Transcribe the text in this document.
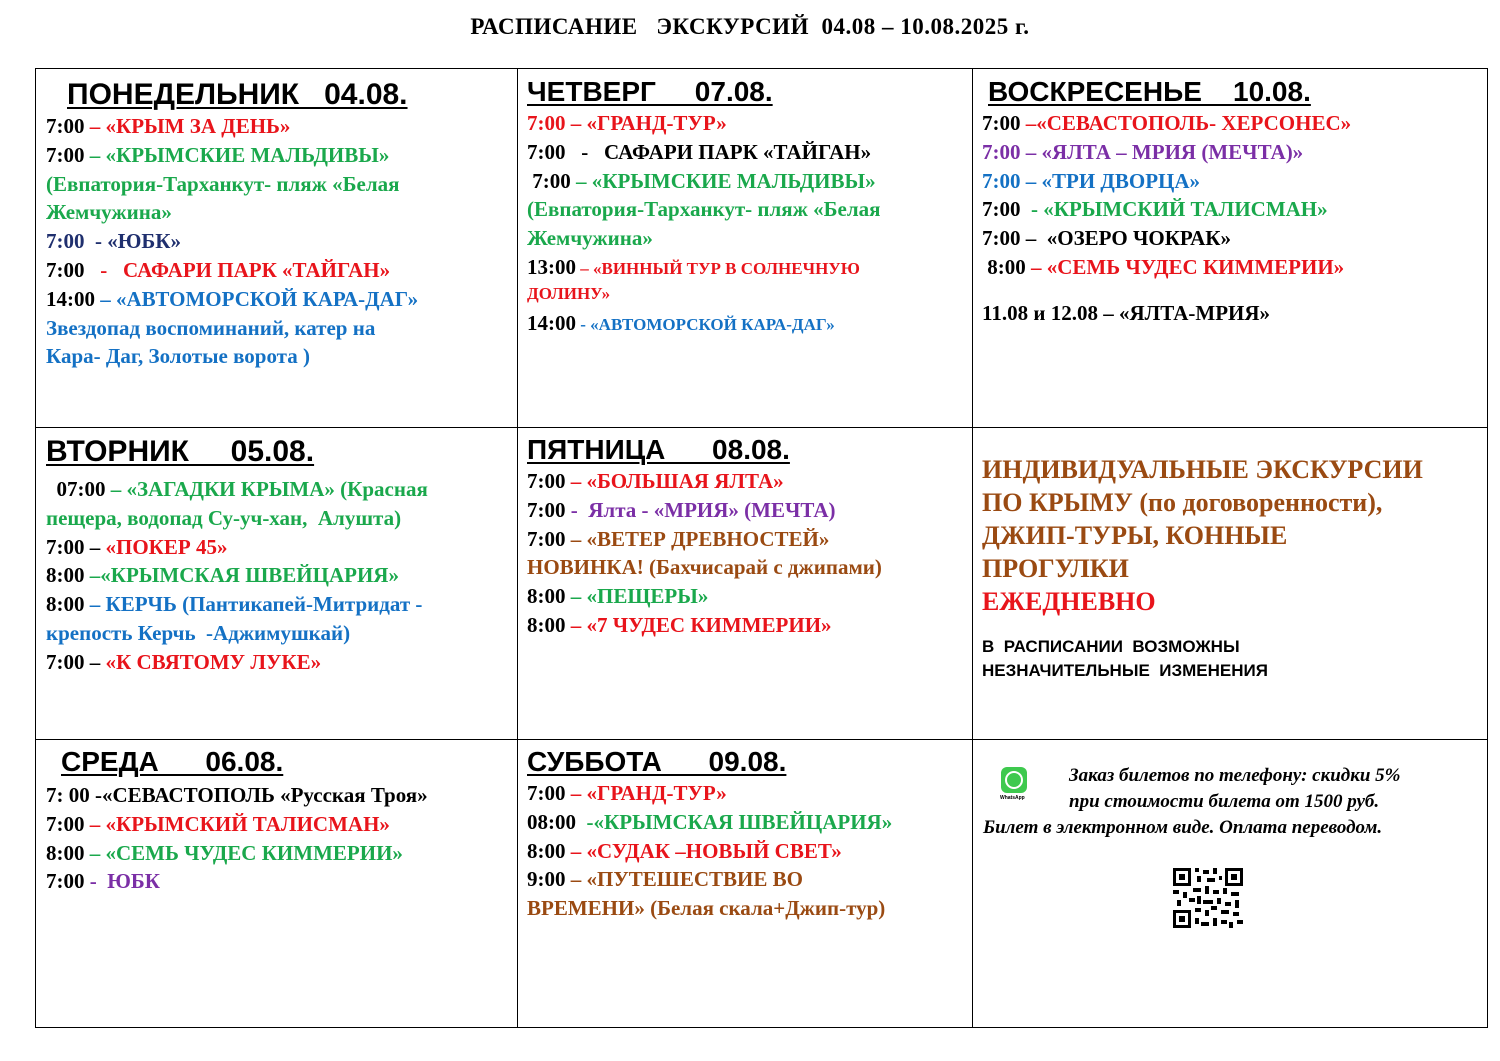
РАСПИСАНИЕ   ЭКСКУРСИЙ  04.08 – 10.08.2025 г.
ПОНЕДЕЛЬНИК   04.08.
7:00 – «КРЫМ ЗА ДЕНЬ»
7:00 – «КРЫМСКИЕ МАЛЬДИВЫ»
(Евпатория-Тарханкут- пляж «Белая
Жемчужина»
7:00  - «ЮБК»
7:00   -   САФАРИ ПАРК «ТАЙГАН»
14:00 – «АВТОМОРСКОЙ КАРА-ДАГ»
Звездопад воспоминаний, катер на
Кара- Даг, Золотые ворота )
ЧЕТВЕРГ     07.08.
7:00 – «ГРАНД-ТУР»
7:00   -   САФАРИ ПАРК «ТАЙГАН»
7:00 – «КРЫМСКИЕ МАЛЬДИВЫ»
(Евпатория-Тарханкут- пляж «Белая
Жемчужина»
13:00 – «ВИННЫЙ ТУР В СОЛНЕЧНУЮ
ДОЛИНУ»
14:00 - «АВТОМОРСКОЙ КАРА-ДАГ»
ВОСКРЕСЕНЬЕ    10.08.
7:00 –«СЕВАСТОПОЛЬ- ХЕРСОНЕС»
7:00 – «ЯЛТА – МРИЯ (МЕЧТА)»
7:00 – «ТРИ ДВОРЦА»
7:00  - «КРЫМСКИЙ ТАЛИСМАН»
7:00 –  «ОЗЕРО ЧОКРАК»
8:00 – «СЕМЬ ЧУДЕС КИММЕРИИ»
11.08 и 12.08 – «ЯЛТА-МРИЯ»
ВТОРНИК     05.08.
07:00 – «ЗАГАДКИ КРЫМА» (Красная
пещера, водопад Су-уч-хан,  Алушта)
7:00 – «ПОКЕР 45»
8:00 –«КРЫМСКАЯ ШВЕЙЦАРИЯ»
8:00 – КЕРЧЬ (Пантикапей-Митридат -
крепость Керчь  -Аджимушкай)
7:00 – «К СВЯТОМУ ЛУКЕ»
ПЯТНИЦА      08.08.
7:00 – «БОЛЬШАЯ ЯЛТА»
7:00 -  Ялта - «МРИЯ» (МЕЧТА)
7:00 – «ВЕТЕР ДРЕВНОСТЕЙ»
НОВИНКА! (Бахчисарай с джипами)
8:00 – «ПЕЩЕРЫ»
8:00 – «7 ЧУДЕС КИММЕРИИ»
ИНДИВИДУАЛЬНЫЕ ЭКСКУРСИИ
ПО КРЫМУ (по договоренности),
ДЖИП-ТУРЫ, КОННЫЕ
ПРОГУЛКИ
ЕЖЕДНЕВНО
В  РАСПИСАНИИ  ВОЗМОЖНЫ
НЕЗНАЧИТЕЛЬНЫЕ  ИЗМЕНЕНИЯ
СРЕДА      06.08.
7: 00 -«СЕВАСТОПОЛЬ «Русская Троя»
7:00 – «КРЫМСКИЙ ТАЛИСМАН»
8:00 – «СЕМЬ ЧУДЕС КИММЕРИИ»
7:00 -  ЮБК
СУББОТА      09.08.
7:00 – «ГРАНД-ТУР»
08:00  -«КРЫМСКАЯ ШВЕЙЦАРИЯ»
8:00 – «СУДАК –НОВЫЙ СВЕТ»
9:00 – «ПУТЕШЕСТВИЕ ВО
ВРЕМЕНИ» (Белая скала+Джип-тур)
WhatsApp
Заказ билетов по телефону: скидки 5%
при стоимости билета от 1500 руб.
Билет в электронном виде. Оплата переводом.
